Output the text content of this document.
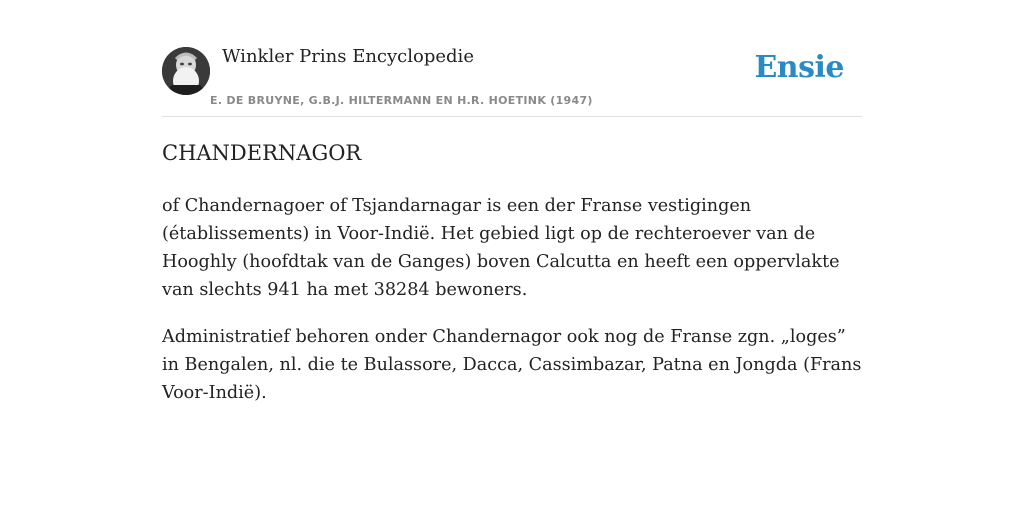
Winkler Prins Encyclopedie
E. DE BRUYNE, G.B.J. HILTERMANN EN H.R. HOETINK (1947)
Ensie
CHANDERNAGOR

of Chandernagoer of Tsjandarnagar is een der Franse vestigingen (établissements) in Voor-Indië. Het gebied ligt op de rechteroever van de Hooghly (hoofdtak van de Ganges) boven Calcutta en heeft een oppervlakte van slechts 941 ha met 38284 bewoners.

Administratief behoren onder Chandernagor ook nog de Franse zgn. „loges” in Bengalen, nl. die te Bulassore, Dacca, Cassimbazar, Patna en Jongda (Frans Voor-Indië).
